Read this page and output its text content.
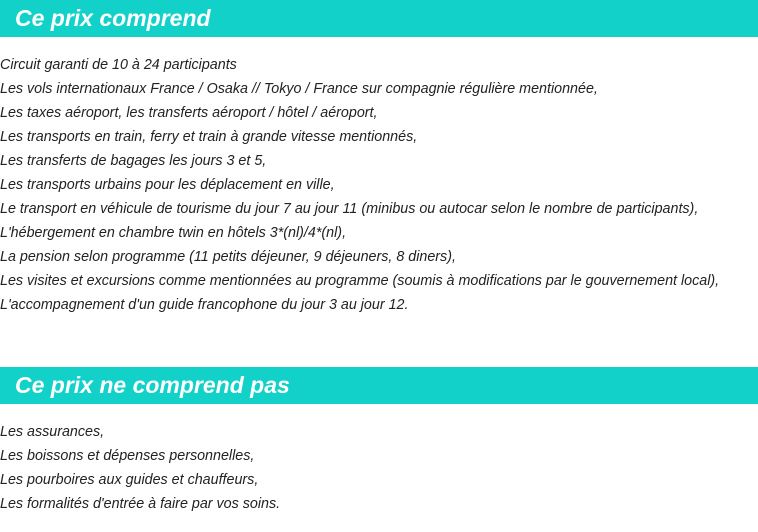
Ce prix comprend
Circuit garanti de 10 à 24 participants
Les vols internationaux France / Osaka // Tokyo / France sur compagnie régulière mentionnée,
Les taxes aéroport, les transferts aéroport / hôtel / aéroport,
Les transports en train, ferry et train à grande vitesse mentionnés,
Les transferts de bagages les jours 3 et 5,
Les transports urbains pour les déplacement en ville,
Le transport en véhicule de tourisme du jour 7 au jour 11 (minibus ou autocar selon le nombre de participants),
L'hébergement en chambre twin en hôtels 3*(nl)/4*(nl),
La pension selon programme (11 petits déjeuner, 9 déjeuners, 8 diners),
Les visites et excursions comme mentionnées au programme (soumis à modifications par le gouvernement local),
L'accompagnement d'un guide francophone du jour 3 au jour 12.
Ce prix ne comprend pas
Les assurances,
Les boissons et dépenses personnelles,
Les pourboires aux guides et chauffeurs,
Les formalités d'entrée à faire par vos soins.
